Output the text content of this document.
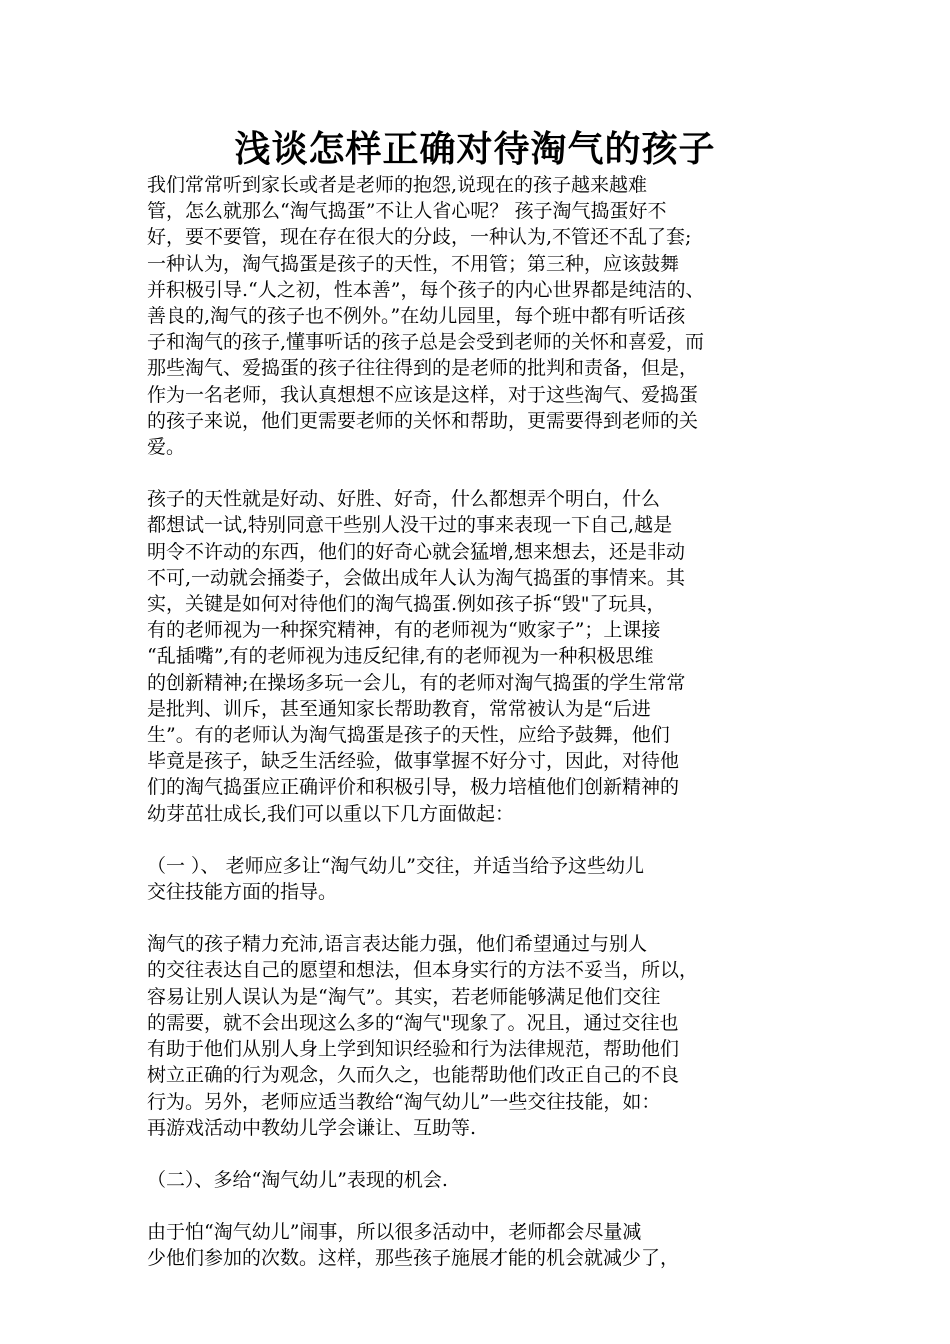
浅谈怎样正确对待淘气的孩子

我们常常听到家长或者是老师的抱怨,说现在的孩子越来越难
管，怎么就那么“淘气捣蛋”不让人省心呢？ 孩子淘气捣蛋好不
好，要不要管，现在存在很大的分歧，一种认为,不管还不乱了套;
一种认为，淘气捣蛋是孩子的天性，不用管；第三种，应该鼓舞
并积极引导.“人之初，性本善”，每个孩子的内心世界都是纯洁的、
善良的,淘气的孩子也不例外。”在幼儿园里，每个班中都有听话孩
子和淘气的孩子,懂事听话的孩子总是会受到老师的关怀和喜爱，而
那些淘气、爱捣蛋的孩子往往得到的是老师的批判和责备，但是，
作为一名老师，我认真想想不应该是这样，对于这些淘气、爱捣蛋
的孩子来说，他们更需要老师的关怀和帮助，更需要得到老师的关
爱。

孩子的天性就是好动、好胜、好奇，什么都想弄个明白，什么
都想试一试,特别同意干些别人没干过的事来表现一下自己,越是
明令不许动的东西，他们的好奇心就会猛增,想来想去，还是非动
不可,一动就会捅娄子，会做出成年人认为淘气捣蛋的事情来。其
实，关键是如何对待他们的淘气捣蛋.例如孩子拆“毁"了玩具，
有的老师视为一种探究精神，有的老师视为“败家子”；上课接
“乱插嘴”,有的老师视为违反纪律,有的老师视为一种积极思维
的创新精神;在操场多玩一会儿，有的老师对淘气捣蛋的学生常常
是批判、训斥，甚至通知家长帮助教育，常常被认为是“后进
生”。有的老师认为淘气捣蛋是孩子的天性，应给予鼓舞，他们
毕竟是孩子，缺乏生活经验，做事掌握不好分寸，因此，对待他
们的淘气捣蛋应正确评价和积极引导，极力培植他们创新精神的
幼芽茁壮成长,我们可以重以下几方面做起：

（一 ）、 老师应多让“淘气幼儿”交往，并适当给予这些幼儿
交往技能方面的指导。

淘气的孩子精力充沛,语言表达能力强，他们希望通过与别人
的交往表达自己的愿望和想法，但本身实行的方法不妥当，所以，
容易让别人误认为是“淘气”。其实，若老师能够满足他们交往
的需要，就不会出现这么多的“淘气"现象了。况且，通过交往也
有助于他们从别人身上学到知识经验和行为法律规范，帮助他们
树立正确的行为观念，久而久之，也能帮助他们改正自己的不良
行为。另外，老师应适当教给“淘气幼儿”一些交往技能，如：
再游戏活动中教幼儿学会谦让、互助等.

（二）、多给“淘气幼儿”表现的机会.

由于怕“淘气幼儿”闹事，所以很多活动中，老师都会尽量减
少他们参加的次数。这样，那些孩子施展才能的机会就减少了，
